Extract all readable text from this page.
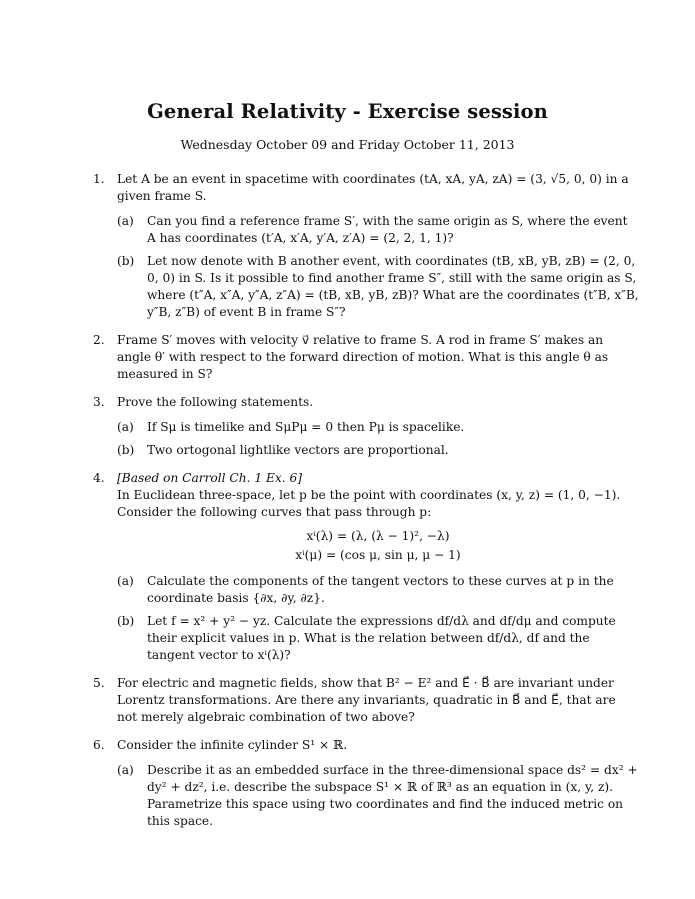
General Relativity - Exercise session
Wednesday October 09 and Friday October 11, 2013
1. Let A be an event in spacetime with coordinates (tA, xA, yA, zA) = (3, √5, 0, 0) in a given frame S.
(a) Can you find a reference frame S′, with the same origin as S, where the event A has coordinates (t′A, x′A, y′A, z′A) = (2, 2, 1, 1)?
(b) Let now denote with B another event, with coordinates (tB, xB, yB, zB) = (2, 0, 0, 0) in S. Is it possible to find another frame S″, still with the same origin as S, where (t″A, x″A, y″A, z″A) = (tB, xB, yB, zB)? What are the coordinates (t″B, x″B, y″B, z″B) of event B in frame S″?
2. Frame S′ moves with velocity v⃗ relative to frame S. A rod in frame S′ makes an angle θ′ with respect to the forward direction of motion. What is this angle θ as measured in S?
3. Prove the following statements.
(a) If Sμ is timelike and SμPμ = 0 then Pμ is spacelike.
(b) Two ortogonal lightlike vectors are proportional.
4. [Based on Carroll Ch. 1 Ex. 6]
In Euclidean three-space, let p be the point with coordinates (x, y, z) = (1, 0, −1). Consider the following curves that pass through p:
xⁱ(λ) = (λ, (λ − 1)², −λ)
xⁱ(μ) = (cos μ, sin μ, μ − 1)
(a) Calculate the components of the tangent vectors to these curves at p in the coordinate basis {∂x, ∂y, ∂z}.
(b) Let f = x² + y² − yz. Calculate the expressions df/dλ and df/dμ and compute their explicit values in p. What is the relation between df/dλ, df and the tangent vector to xⁱ(λ)?
5. For electric and magnetic fields, show that B² − E² and E⃗ · B⃗ are invariant under Lorentz transformations. Are there any invariants, quadratic in B⃗ and E⃗, that are not merely algebraic combination of two above?
6. Consider the infinite cylinder S¹ × ℝ.
(a) Describe it as an embedded surface in the three-dimensional space ds² = dx² + dy² + dz², i.e. describe the subspace S¹ × ℝ of ℝ³ as an equation in (x, y, z). Parametrize this space using two coordinates and find the induced metric on this space.
